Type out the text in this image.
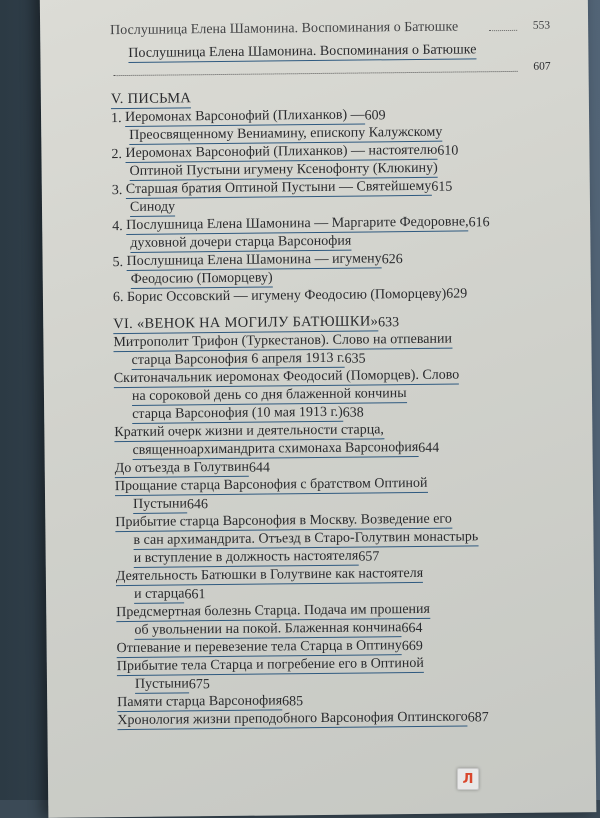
Послушница Елена Шамонина. Воспоминания о Батюшке	553
Послушница Елена Шамонина. Воспоминания о Батюшке
607
V. ПИСЬМА
1.
Иеромонах Варсонофий (Плиханков) — 609
Преосвященному Вениамину, епископу Калужскому
2.
Иеромонах Варсонофий (Плиханков) — настоятелю 610
Оптиной Пустыни игумену Ксенофонту (Клюкину)
3.
Старшая братия Оптиной Пустыни — Святейшему 615
Синоду
4.
Послушница Елена Шамонина — Маргарите Федоровне, 616
духовной дочери старца Варсонофия
5.
Послушница Елена Шамонина — игумену 626
Феодосию (Поморцеву)
6.
Борис Оссовский — игумену Феодосию (Поморцеву) 629
VI. «ВЕНОК НА МОГИЛУ БАТЮШКИ» 633
Митрополит Трифон (Туркестанов). Слово на отпевании
старца Варсонофия 6 апреля 1913 г. 635
Скитоначальник иеромонах Феодосий (Поморцев). Слово
на сороковой день со дня блаженной кончины
старца Варсонофия (10 мая 1913 г.) 638
Краткий очерк жизни и деятельности старца,
священноархимандрита схимонаха Варсонофия 644
До отъезда в Голутвин 644
Прощание старца Варсонофия с братством Оптиной
Пустыни 646
Прибытие старца Варсонофия в Москву. Возведение его
в сан архимандрита. Отъезд в Старо-Голутвин монастырь
и вступление в должность настоятеля 657
Деятельность Батюшки в Голутвине как настоятеля
и старца 661
Предсмертная болезнь Старца. Подача им прошения
об увольнении на покой. Блаженная кончина 664
Отпевание и перевезение тела Старца в Оптину 669
Прибытие тела Старца и погребение его в Оптиной
Пустыни 675
Памяти старца Варсонофия 685
Хронология жизни преподобного Варсонофия Оптинского 687
Л
